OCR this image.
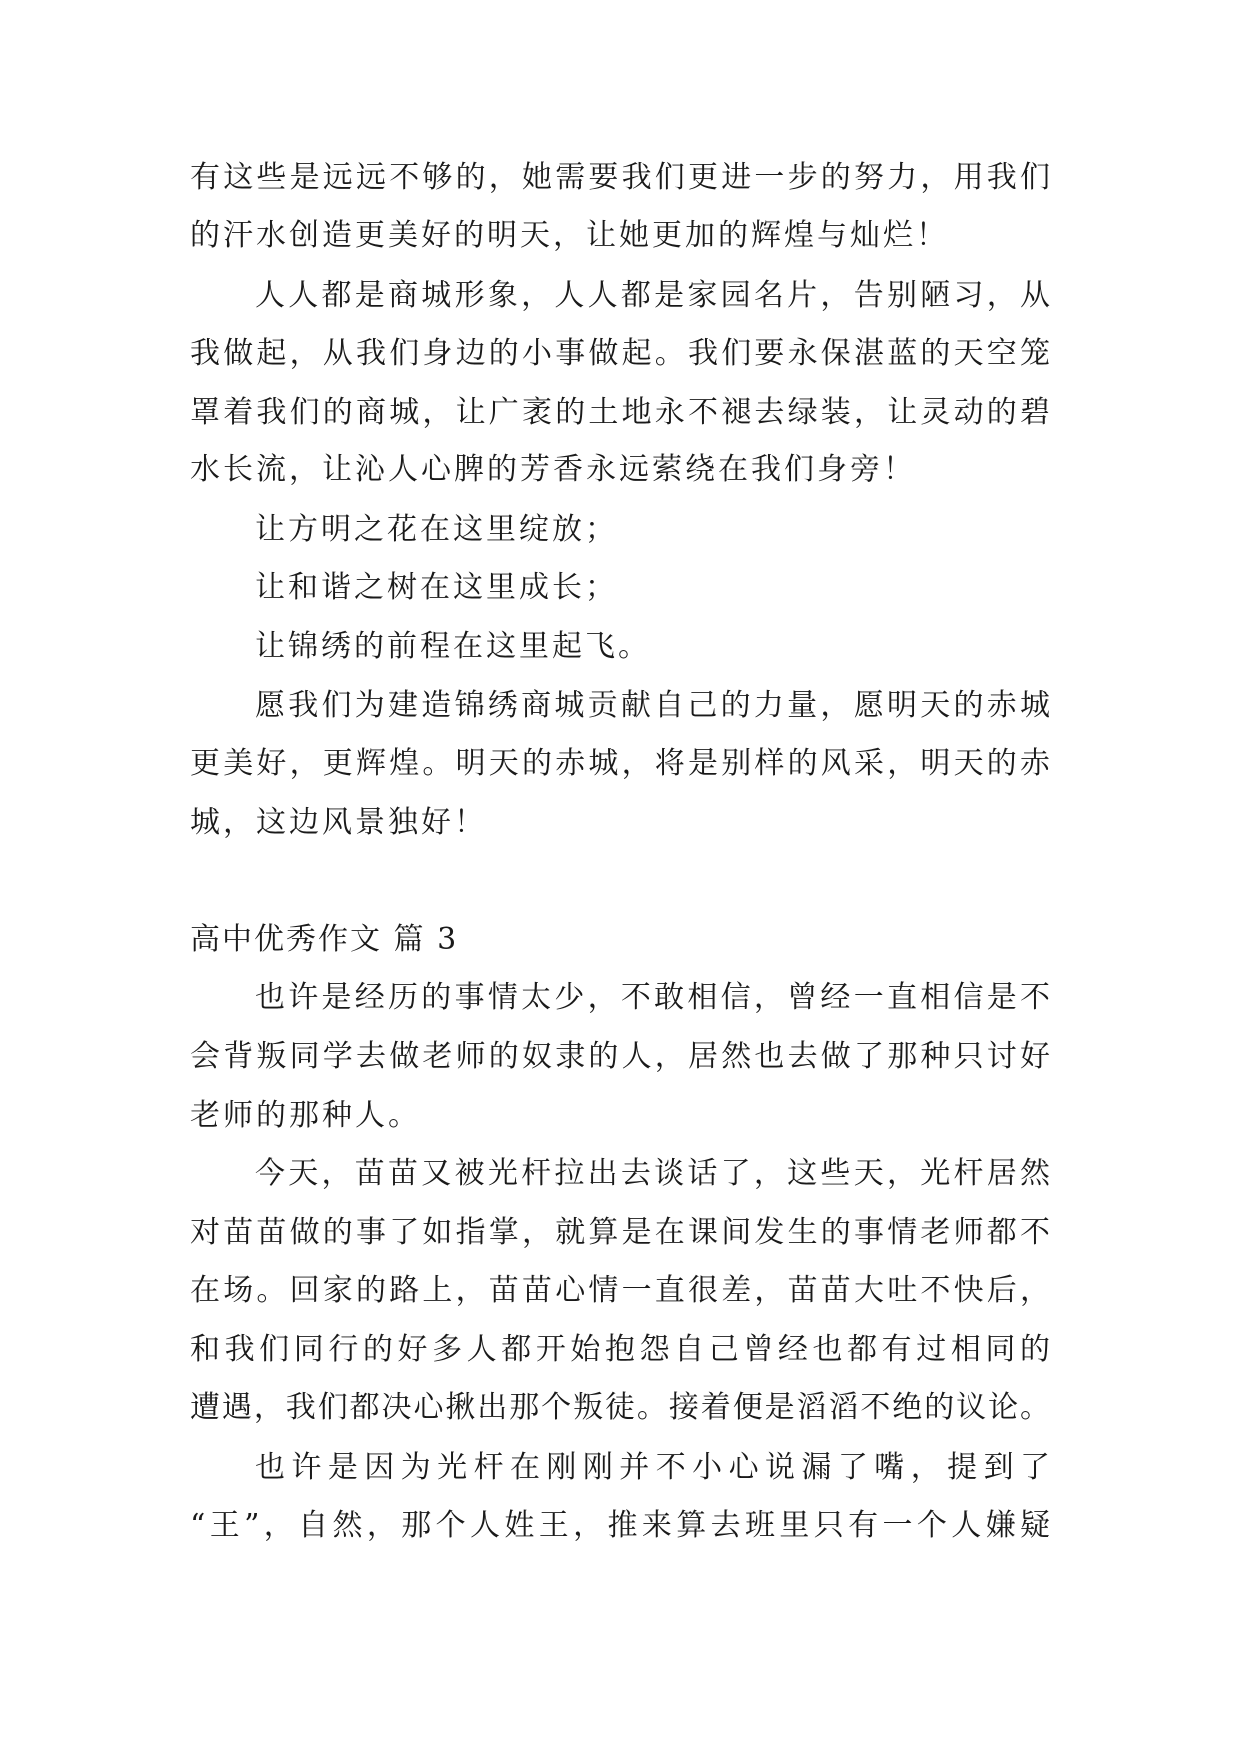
有这些是远远不够的，她需要我们更进一步的努力，用我们
的汗水创造更美好的明天，让她更加的辉煌与灿烂！
人人都是商城形象，人人都是家园名片，告别陋习，从
我做起，从我们身边的小事做起。我们要永保湛蓝的天空笼
罩着我们的商城，让广袤的土地永不褪去绿装，让灵动的碧
水长流，让沁人心脾的芳香永远萦绕在我们身旁！
让方明之花在这里绽放；
让和谐之树在这里成长；
让锦绣的前程在这里起飞。
愿我们为建造锦绣商城贡献自己的力量，愿明天的赤城
更美好，更辉煌。明天的赤城，将是别样的风采，明天的赤
城，这边风景独好！
高中优秀作文 篇 3
也许是经历的事情太少，不敢相信，曾经一直相信是不
会背叛同学去做老师的奴隶的人，居然也去做了那种只讨好
老师的那种人。
今天，苗苗又被光杆拉出去谈话了，这些天，光杆居然
对苗苗做的事了如指掌，就算是在课间发生的事情老师都不
在场。回家的路上，苗苗心情一直很差，苗苗大吐不快后，
和我们同行的好多人都开始抱怨自己曾经也都有过相同的
遭遇，我们都决心揪出那个叛徒。接着便是滔滔不绝的议论。
也许是因为光杆在刚刚并不小心说漏了嘴，提到了
“王”，自然，那个人姓王，推来算去班里只有一个人嫌疑
